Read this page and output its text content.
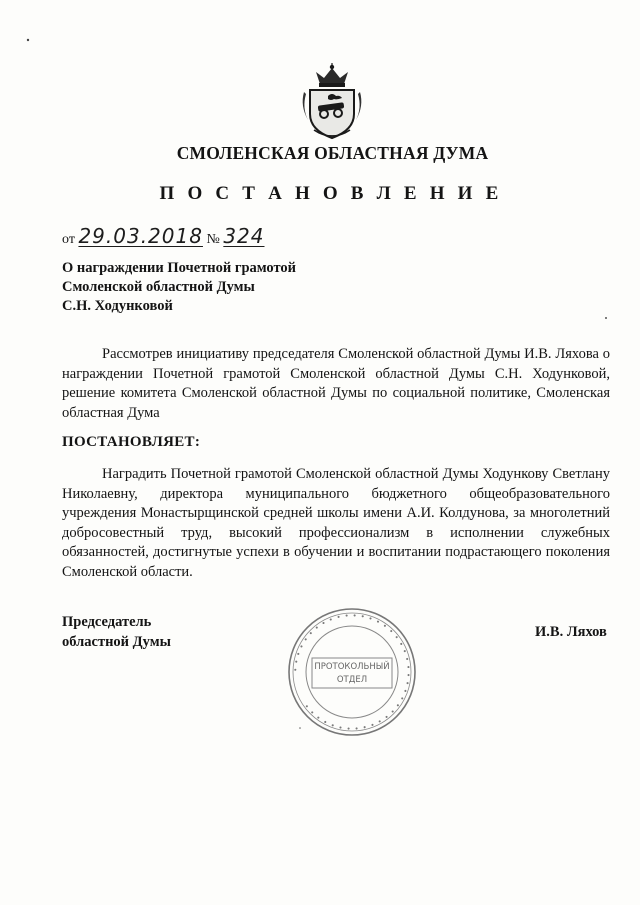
СМОЛЕНСКАЯ ОБЛАСТНАЯ ДУМА
П О С Т А Н О В Л Е Н И Е
от 29.03.2018 № 324
О награждении Почетной грамотой
Смоленской областной Думы
С.Н. Ходунковой
Рассмотрев инициативу председателя Смоленской областной Думы И.В. Ляхова о награждении Почетной грамотой Смоленской областной Думы С.Н. Ходунковой, решение комитета Смоленской областной Думы по социальной политике, Смоленская областная Дума
ПОСТАНОВЛЯЕТ:
Наградить Почетной грамотой Смоленской областной Думы Ходункову Светлану Николаевну, директора муниципального бюджетного общеобразовательного учреждения Монастырщинской средней школы имени А.И. Колдунова, за многолетний добросовестный труд, высокий профессионализм в исполнении служебных обязанностей, достигнутые успехи в обучении и воспитании подрастающего поколения Смоленской области.
Председатель
областной Думы
И.В. Ляхов
• • • • • • • • • • • • • • • • • • • • • • • • • • • • • • • • • • • • • • • •
ПРОТОКОЛЬНЫЙ
ОТДЕЛ
